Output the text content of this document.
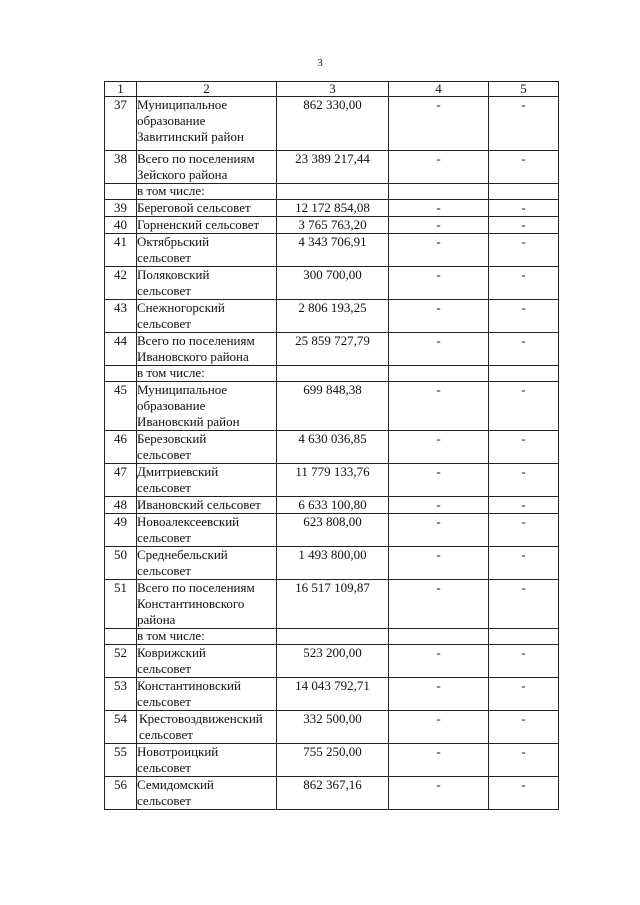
3
1	2	3	4	5
37	Муниципальное
образование
Завитинский район	862 330,00	-	-
38	Всего по поселениям
Зейского района	23 389 217,44	-	-
	в том числе:			
39	Береговой сельсовет	12 172 854,08	-	-
40	Горненский сельсовет	3 765 763,20	-	-
41	Октябрьский
сельсовет	4 343 706,91	-	-
42	Поляковский
сельсовет	300 700,00	-	-
43	Снежногорский
сельсовет	2 806 193,25	-	-
44	Всего по поселениям
Ивановского района	25 859 727,79	-	-
	в том числе:			
45	Муниципальное
образование
Ивановский район	699 848,38	-	-
46	Березовский
сельсовет	4 630 036,85	-	-
47	Дмитриевский
сельсовет	11 779 133,76	-	-
48	Ивановский сельсовет	6 633 100,80	-	-
49	Новоалексеевский
сельсовет	623 808,00	-	-
50	Среднебельский
сельсовет	1 493 800,00	-	-
51	Всего по поселениям
Константиновского
района	16 517 109,87	-	-
	в том числе:			
52	Коврижский
сельсовет	523 200,00	-	-
53	Константиновский
сельсовет	14 043 792,71	-	-
54	Крестовоздвиженский
сельсовет	332 500,00	-	-
55	Новотроицкий
сельсовет	755 250,00	-	-
56	Семидомский
сельсовет	862 367,16	-	-
